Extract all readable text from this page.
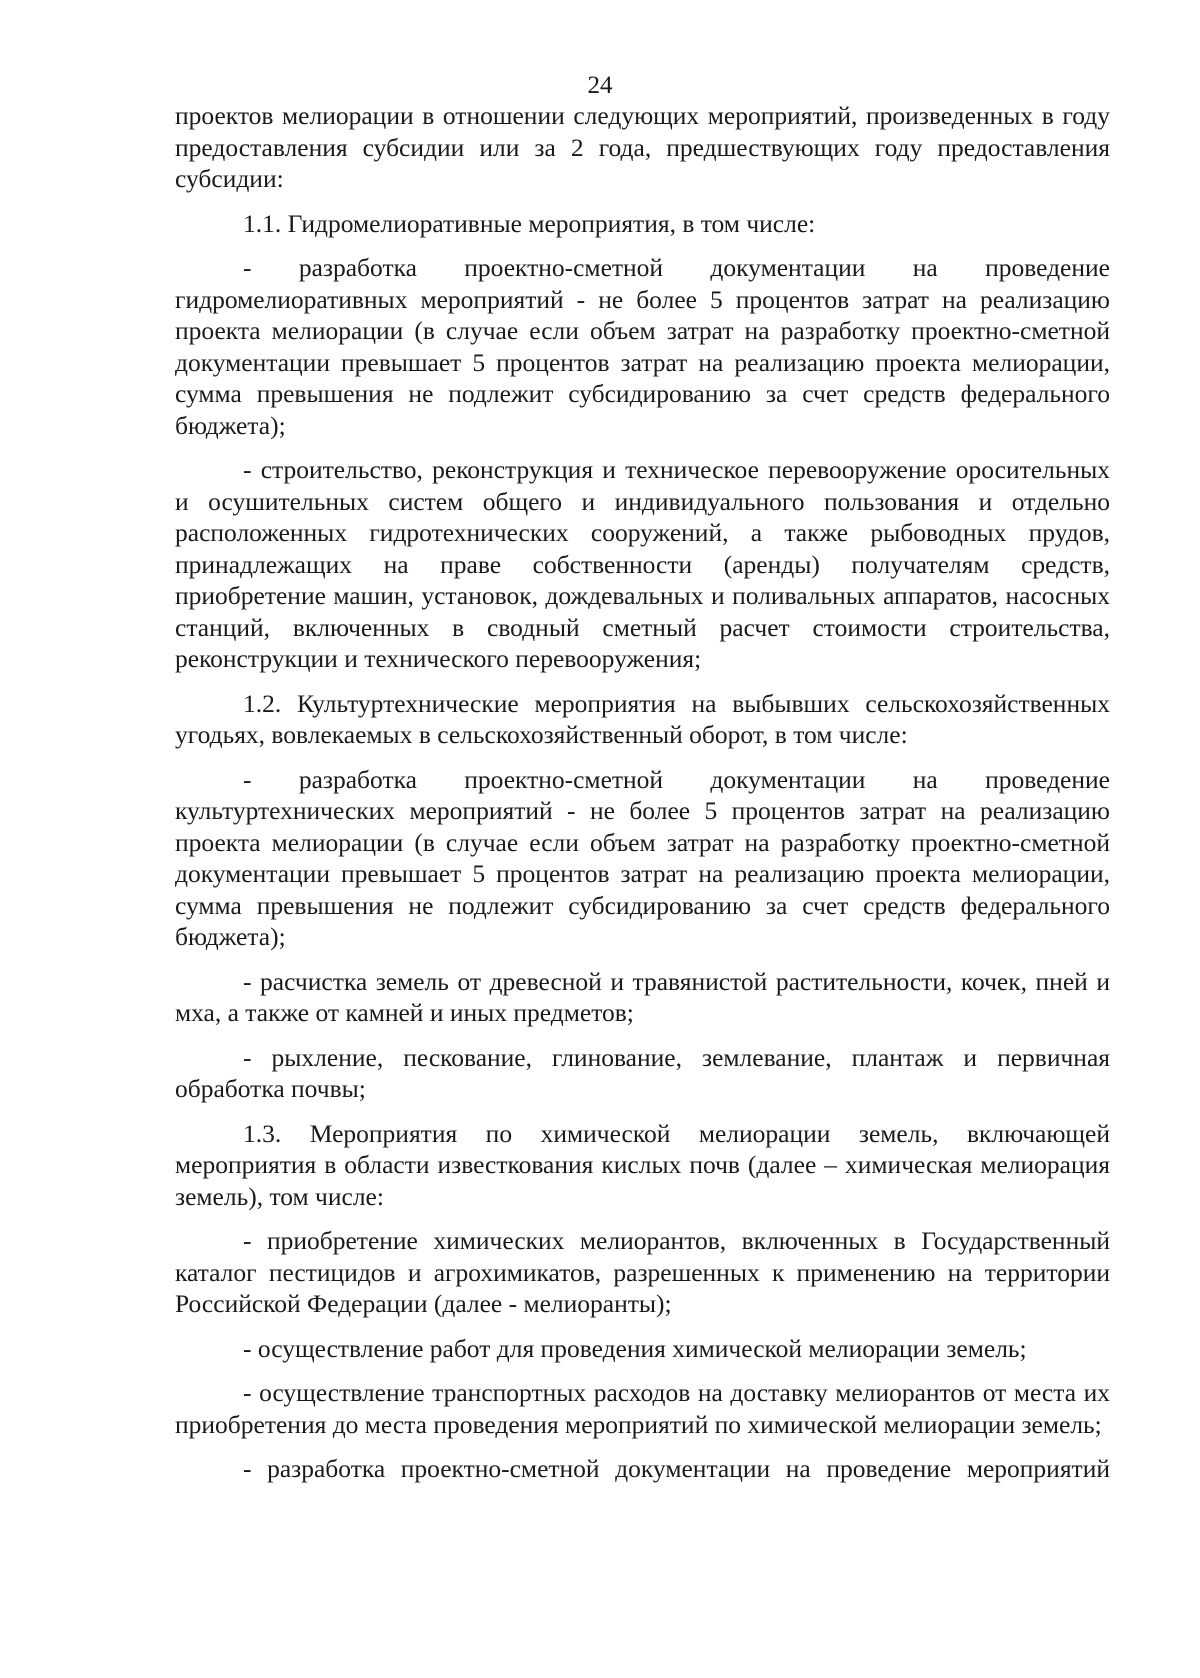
24

проектов мелиорации в отношении следующих мероприятий, произведенных в году предоставления субсидии или за 2 года, предшествующих году предоставления субсидии:

1.1. Гидромелиоративные мероприятия, в том числе:

- разработка проектно-сметной документации на проведение гидромелиоративных мероприятий - не более 5 процентов затрат на реализацию проекта мелиорации (в случае если объем затрат на разработку проектно-сметной документации превышает 5 процентов затрат на реализацию проекта мелиорации, сумма превышения не подлежит субсидированию за счет средств федерального бюджета);

- строительство, реконструкция и техническое перевооружение оросительных и осушительных систем общего и индивидуального пользования и отдельно расположенных гидротехнических сооружений, а также рыбоводных прудов, принадлежащих на праве собственности (аренды) получателям средств, приобретение машин, установок, дождевальных и поливальных аппаратов, насосных станций, включенных в сводный сметный расчет стоимости строительства, реконструкции и технического перевооружения;

1.2. Культуртехнические мероприятия на выбывших сельскохозяйственных угодьях, вовлекаемых в сельскохозяйственный оборот, в том числе:

- разработка проектно-сметной документации на проведение культуртехнических мероприятий - не более 5 процентов затрат на реализацию проекта мелиорации (в случае если объем затрат на разработку проектно-сметной документации превышает 5 процентов затрат на реализацию проекта мелиорации, сумма превышения не подлежит субсидированию за счет средств федерального бюджета);

- расчистка земель от древесной и травянистой растительности, кочек, пней и мха, а также от камней и иных предметов;

- рыхление, пескование, глинование, землевание, плантаж и первичная обработка почвы;

1.3. Мероприятия по химической мелиорации земель, включающей мероприятия в области известкования кислых почв (далее – химическая мелиорация земель), том числе:

- приобретение химических мелиорантов, включенных в Государственный каталог пестицидов и агрохимикатов, разрешенных к применению на территории Российской Федерации (далее - мелиоранты);

- осуществление работ для проведения химической мелиорации земель;

- осуществление транспортных расходов на доставку мелиорантов от места их приобретения до места проведения мероприятий по химической мелиорации земель;

- разработка проектно-сметной документации на проведение мероприятий
